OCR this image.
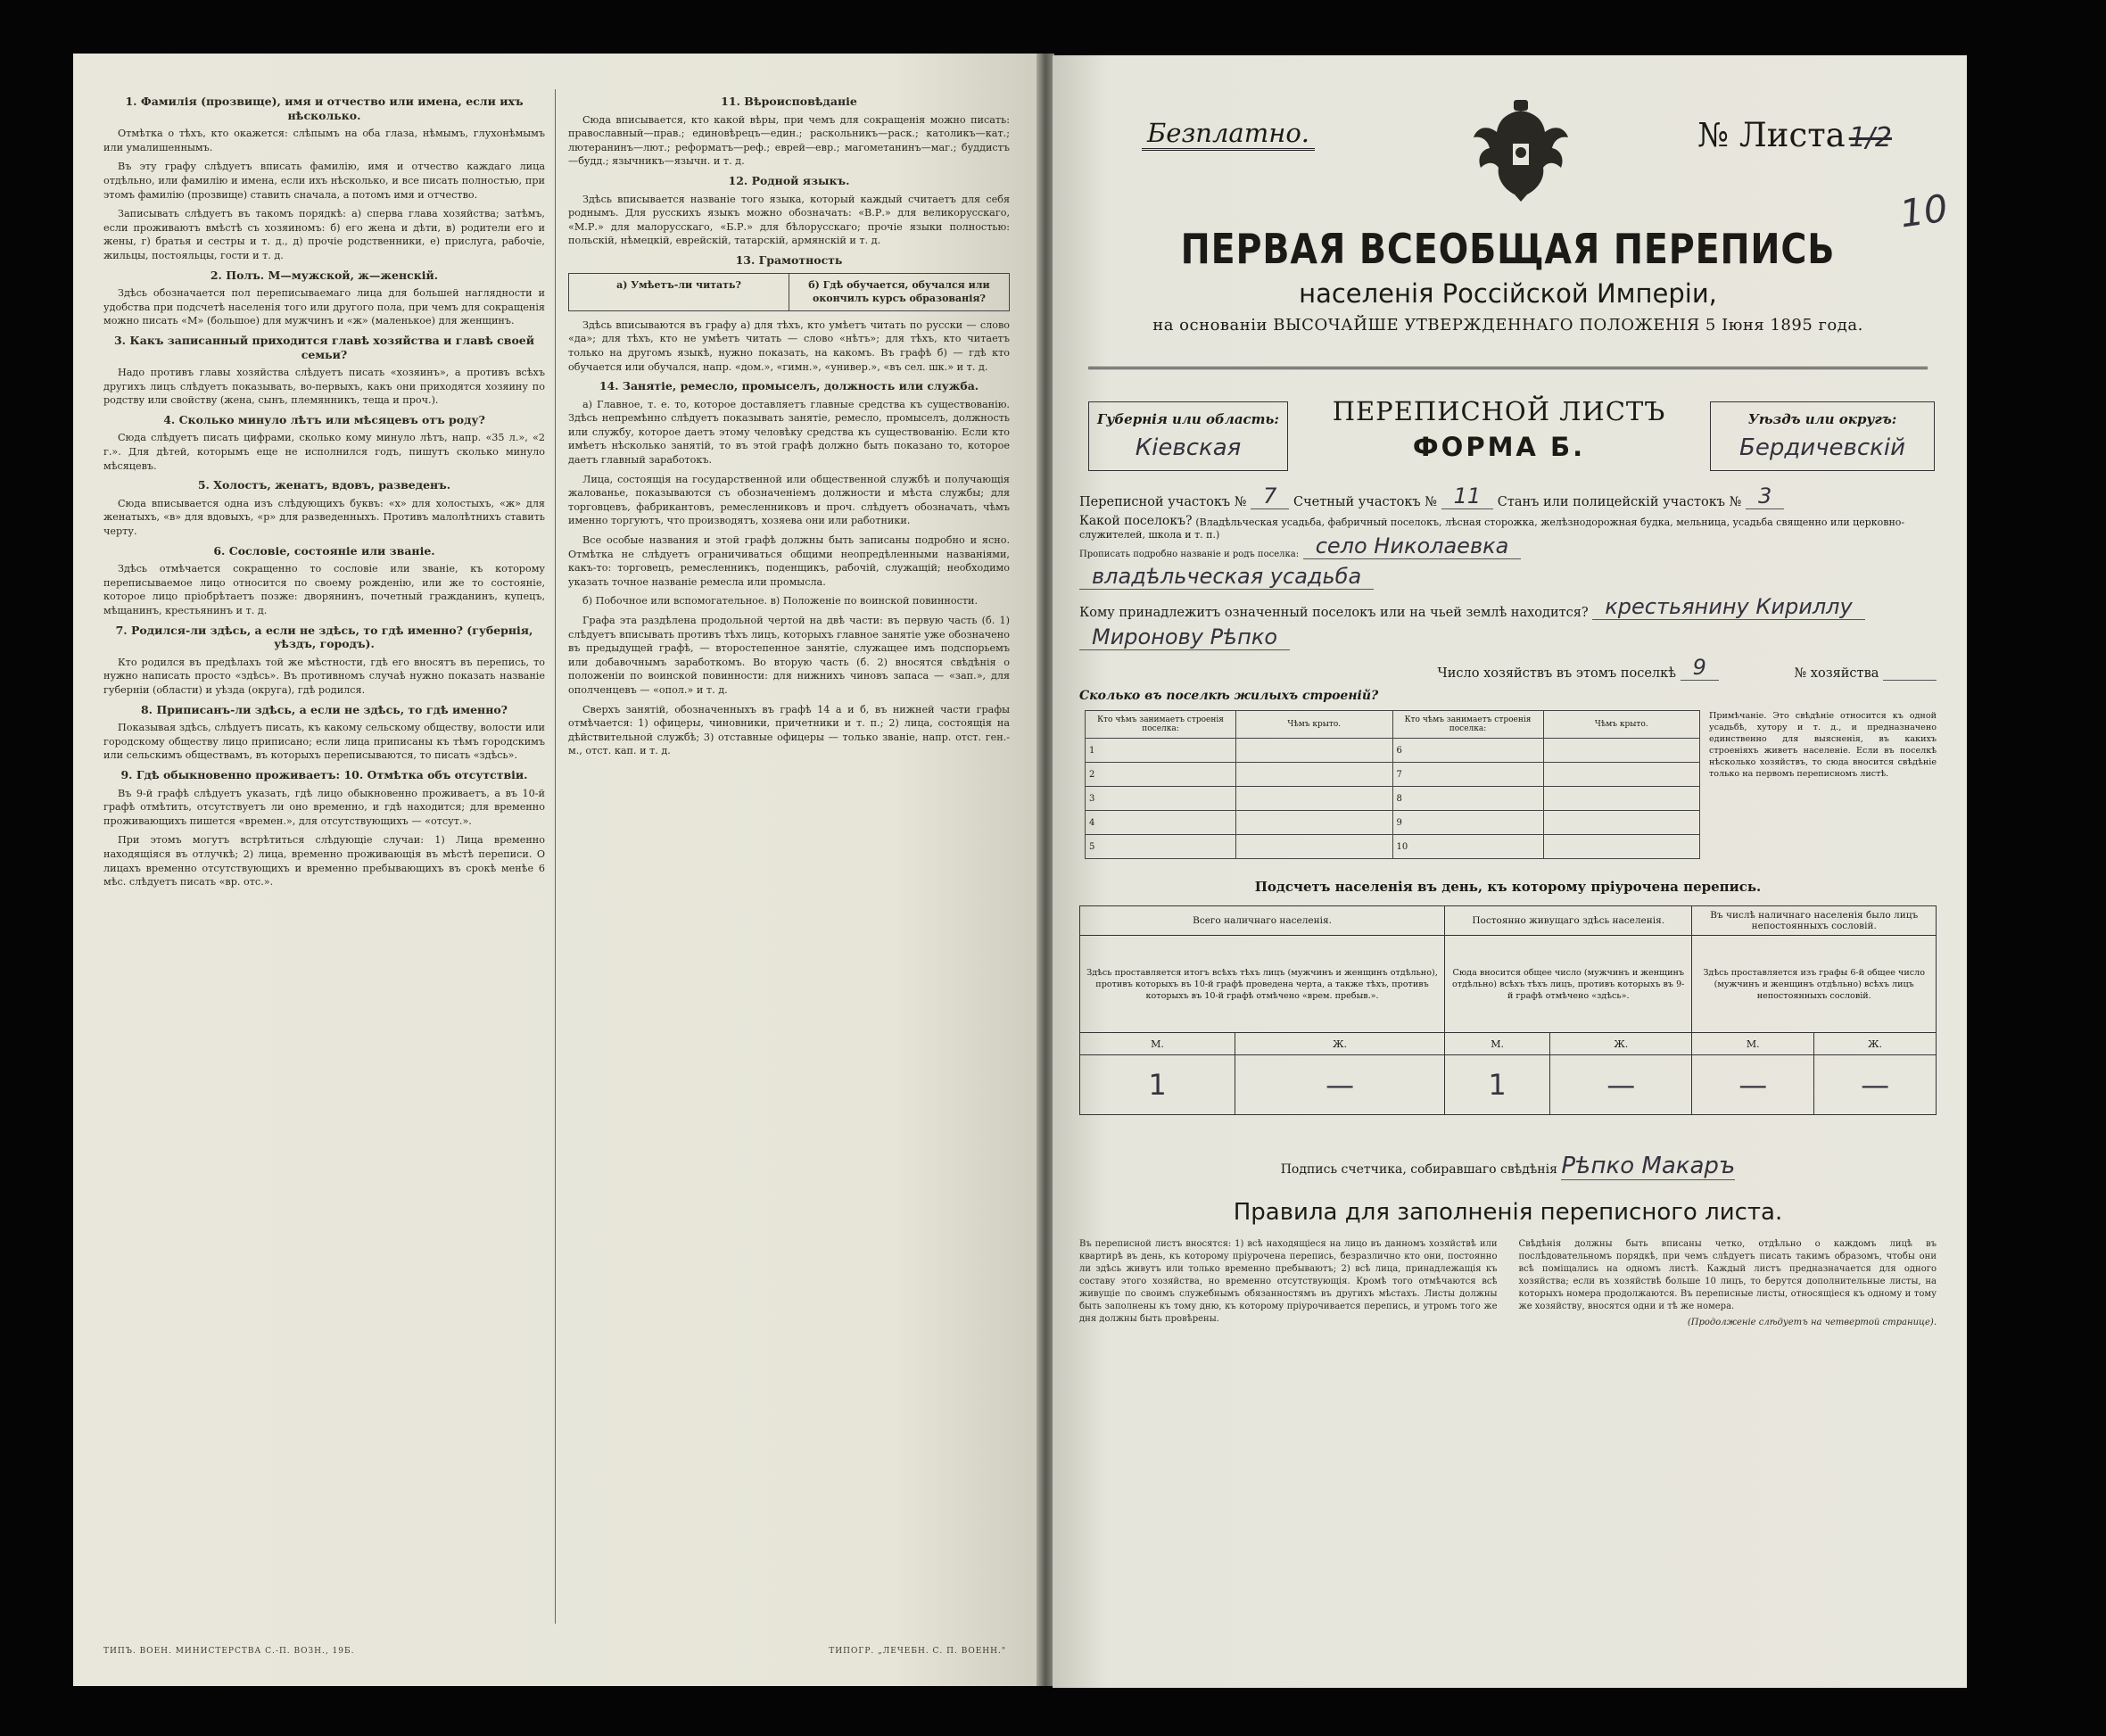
1. Фамилія (прозвище), имя и отчество или имена, если ихъ нѣсколько.

Отмѣтка о тѣхъ, кто окажется: слѣпымъ на оба глаза, нѣмымъ, глухонѣмымъ или умалишеннымъ.

Въ эту графу слѣдуетъ вписать фамилію, имя и отчество каждаго лица отдѣльно, или фамилію и имена, если ихъ нѣсколько, и все писать полностью, при этомъ фамилію (прозвище) ставить сначала, а потомъ имя и отчество.

Записывать слѣдуетъ въ такомъ порядкѣ: а) сперва глава хозяйства; затѣмъ, если проживаютъ вмѣстѣ съ хозяиномъ: б) его жена и дѣти, в) родители его и жены, г) братья и сестры и т. д., д) прочіе родственники, е) прислуга, рабочіе, жильцы, постояльцы, гости и т. д.

2. Полъ. М—мужской, ж—женскій.

Здѣсь обозначается пол переписываемаго лица для большей наглядности и удобства при подсчетѣ населенія того или другого пола, при чемъ для сокращенія можно писать «М» (большое) для мужчинъ и «ж» (маленькое) для женщинъ.

3. Какъ записанный приходится главѣ хозяйства и главѣ своей семьи?

Надо противъ главы хозяйства слѣдуетъ писать «хозяинъ», а противъ всѣхъ другихъ лицъ слѣдуетъ показывать, во-первыхъ, какъ они приходятся хозяину по родству или свойству (жена, сынъ, племянникъ, теща и проч.).

4. Сколько минуло лѣтъ или мѣсяцевъ отъ роду?

Сюда слѣдуетъ писать цифрами, сколько кому минуло лѣтъ, напр. «35 л.», «2 г.». Для дѣтей, которымъ еще не исполнился годъ, пишутъ сколько минуло мѣсяцевъ.

5. Холостъ, женатъ, вдовъ, разведенъ.

Сюда вписывается одна изъ слѣдующихъ буквъ: «х» для холостыхъ, «ж» для женатыхъ, «в» для вдовыхъ, «р» для разведенныхъ. Противъ малолѣтнихъ ставить черту.

6. Сословіе, состояніе или званіе.

Здѣсь отмѣчается сокращенно то сословіе или званіе, къ которому переписываемое лицо относится по своему рожденію, или же то состояніе, которое лицо пріобрѣтаетъ позже: дворянинъ, почетный гражданинъ, купецъ, мѣщанинъ, крестьянинъ и т. д.

7. Родился-ли здѣсь, а если не здѣсь, то гдѣ именно? (губернія, уѣздъ, городъ).

Кто родился въ предѣлахъ той же мѣстности, гдѣ его вносятъ въ перепись, то нужно написать просто «здѣсь». Въ противномъ случаѣ нужно показать названіе губерніи (области) и уѣзда (округа), гдѣ родился.

8. Приписанъ-ли здѣсь, а если не здѣсь, то гдѣ именно?

Показывая здѣсь, слѣдуетъ писать, къ какому сельскому обществу, волости или городскому обществу лицо приписано; если лица приписаны къ тѣмъ городскимъ или сельскимъ обществамъ, въ которыхъ переписываются, то писать «здѣсь».

9. Гдѣ обыкновенно проживаетъ: 10. Отмѣтка объ отсутствіи.

Въ 9-й графѣ слѣдуетъ указать, гдѣ лицо обыкновенно проживаетъ, а въ 10-й графѣ отмѣтить, отсутствуетъ ли оно временно, и гдѣ находится; для временно проживающихъ пишется «времен.», для отсутствующихъ — «отсут.».

При этомъ могутъ встрѣтиться слѣдующіе случаи: 1) Лица временно находящіяся въ отлучкѣ; 2) лица, временно проживающія въ мѣстѣ переписи. О лицахъ временно отсутствующихъ и временно пребывающихъ въ срокѣ менѣе 6 мѣс. слѣдуетъ писать «вр. отс.».

11. Вѣроисповѣданіе

Сюда вписывается, кто какой вѣры, при чемъ для сокращенія можно писать: православный—прав.; единовѣрецъ—един.; раскольникъ—раск.; католикъ—кат.; лютеранинъ—лют.; реформатъ—реф.; еврей—евр.; магометанинъ—маг.; буддистъ—будд.; язычникъ—язычн. и т. д.

12. Родной языкъ.

Здѣсь вписывается названіе того языка, который каждый считаетъ для себя роднымъ. Для русскихъ языкъ можно обозначать: «В.Р.» для великорусскаго, «М.Р.» для малорусскаго, «Б.Р.» для бѣлорусскаго; прочіе языки полностью: польскій, нѣмецкій, еврейскій, татарскій, армянскій и т. д.

13. Грамотность
а) Умѣетъ-ли читать?	б) Гдѣ обучается, обучался или окончилъ курсъ образованія?

Здѣсь вписываются въ графу а) для тѣхъ, кто умѣетъ читать по русски — слово «да»; для тѣхъ, кто не умѣетъ читать — слово «нѣтъ»; для тѣхъ, кто читаетъ только на другомъ языкѣ, нужно показать, на какомъ. Въ графѣ б) — гдѣ кто обучается или обучался, напр. «дом.», «гимн.», «универ.», «въ сел. шк.» и т. д.

14. Занятіе, ремесло, промыселъ, должность или служба.

а) Главное, т. е. то, которое доставляетъ главные средства къ существованію. Здѣсь непремѣнно слѣдуетъ показывать занятіе, ремесло, промыселъ, должность или службу, которое даетъ этому человѣку средства къ существованію. Если кто имѣетъ нѣсколько занятій, то въ этой графѣ должно быть показано то, которое даетъ главный заработокъ.

Лица, состоящія на государственной или общественной службѣ и получающія жалованье, показываются съ обозначеніемъ должности и мѣста службы; для торговцевъ, фабрикантовъ, ремесленниковъ и проч. слѣдуетъ обозначать, чѣмъ именно торгуютъ, что производятъ, хозяева они или работники.

Все особые названия и этой графѣ должны быть записаны подробно и ясно. Отмѣтка не слѣдуетъ ограничиваться общими неопредѣленными названіями, какъ-то: торговецъ, ремесленникъ, поденщикъ, рабочій, служащій; необходимо указать точное названіе ремесла или промысла.

б) Побочное или вспомогательное. в) Положеніе по воинской повинности.

Графа эта раздѣлена продольной чертой на двѣ части: въ первую часть (б. 1) слѣдуетъ вписывать противъ тѣхъ лицъ, которыхъ главное занятіе уже обозначено въ предыдущей графѣ, — второстепенное занятіе, служащее имъ подспорьемъ или добавочнымъ заработкомъ. Во вторую часть (б. 2) вносятся свѣдѣнія о положеніи по воинской повинности: для нижнихъ чиновъ запаса — «зап.», для ополченцевъ — «опол.» и т. д.

Сверхъ занятій, обозначенныхъ въ графѣ 14 а и б, въ нижней части графы отмѣчается: 1) офицеры, чиновники, причетники и т. п.; 2) лица, состоящія на дѣйствительной службѣ; 3) отставные офицеры — только званіе, напр. отст. ген.-м., отст. кап. и т. д.

ТИПЪ. ВОЕН. МИНИСТЕРСТВА С.-П. ВОЗН., 19Б.	ТИПОГР. „ЛЕЧЕБН. С. П. ВОЕНН."
Безплатно.	№ Листа 1/2
10
ПЕРВАЯ ВСЕОБЩАЯ ПЕРЕПИСЬ
населенія Россійской Имперіи,
на основаніи ВЫСОЧАЙШЕ УТВЕРЖДЕННАГО ПОЛОЖЕНІЯ 5 Іюня 1895 года.
Губернія или область:
Кіевская
ПЕРЕПИСНОЙ ЛИСТЪ
ФОРМА Б.
Уѣздъ или округъ:
Бердичевскій
Переписной участокъ № 7 Счетный участокъ № 11 Станъ или полицейскій участокъ № 3
Какой поселокъ? (Владѣльческая усадьба, фабричный поселокъ, лѣсная сторожка, желѣзнодорожная будка, мельница, усадьба священно или церковно-служителей, школа и т. п.)
Прописать подробно названіе и родъ поселка: село Николаевка
владѣльческая усадьба
Кому принадлежитъ означенный поселокъ или на чьей землѣ находится? крестьянину Кириллу
Миронову Рѣпко
Число хозяйствъ въ этомъ поселкѣ 9	№ хозяйства
Сколько въ поселкѣ жилыхъ строеній?
Кто чѣмъ занимаетъ строенія поселка:	Чѣмъ крыто.	Кто чѣмъ занимаетъ строенія поселка:	Чѣмъ крыто.
1		6	
2		7	
3		8	
4		9	
5		10	
Примѣчаніе. Это свѣдѣніе относится къ одной усадьбѣ, хутору и т. д., и предназначено единственно для выясненія, въ какихъ строеніяхъ живетъ населеніе. Если въ поселкѣ нѣсколько хозяйствъ, то сюда вносится свѣдѣніе только на первомъ переписномъ листѣ.
Подсчетъ населенія въ день, къ которому пріурочена перепись.
Всего наличнаго населенія.		Постоянно живущаго здѣсь населенія.		Въ числѣ наличнаго населенія было лицъ непостоянныхъ сословій.	
Здѣсь проставляется итогъ всѣхъ тѣхъ лицъ (мужчинъ и женщинъ отдѣльно), противъ которыхъ въ 10-й графѣ проведена черта, а также тѣхъ, противъ которыхъ въ 10-й графѣ отмѣчено «врем. пребыв.».		Сюда вносится общее число (мужчинъ и женщинъ отдѣльно) всѣхъ тѣхъ лицъ, противъ которыхъ въ 9-й графѣ отмѣчено «здѣсь».		Здѣсь проставляется изъ графы 6-й общее число (мужчинъ и женщинъ отдѣльно) всѣхъ лицъ непостоянныхъ сословій.	
М.	Ж.	М.	Ж.	М.	Ж.
1	—	1	—	—	—
Подпись счетчика, собиравшаго свѣдѣнія Рѣпко Макаръ
Правила для заполненія переписного листа.
Въ переписной листъ вносятся: 1) всѣ находящіеся на лицо въ данномъ хозяйствѣ или квартирѣ въ день, къ которому пріурочена перепись, безразлично кто они, постоянно ли здѣсь живутъ или только временно пребываютъ; 2) всѣ лица, принадлежащія къ составу этого хозяйства, но временно отсутствующія. Кромѣ того отмѣчаются всѣ живущіе по своимъ служебнымъ обязанностямъ въ другихъ мѣстахъ. Листы должны быть заполнены къ тому дню, къ которому пріурочивается перепись, и утромъ того же дня должны быть провѣрены.
Свѣдѣнія должны быть вписаны четко, отдѣльно о каждомъ лицѣ въ послѣдовательномъ порядкѣ, при чемъ слѣдуетъ писать такимъ образомъ, чтобы они всѣ поміщались на одномъ листѣ. Каждый листъ предназначается для одного хозяйства; если въ хозяйствѣ больше 10 лицъ, то берутся дополнительные листы, на которыхъ номера продолжаются. Въ переписные листы, относящіеся къ одному и тому же хозяйству, вносятся одни и тѣ же номера.
(Продолженіе слѣдуетъ на четвертой странице).
